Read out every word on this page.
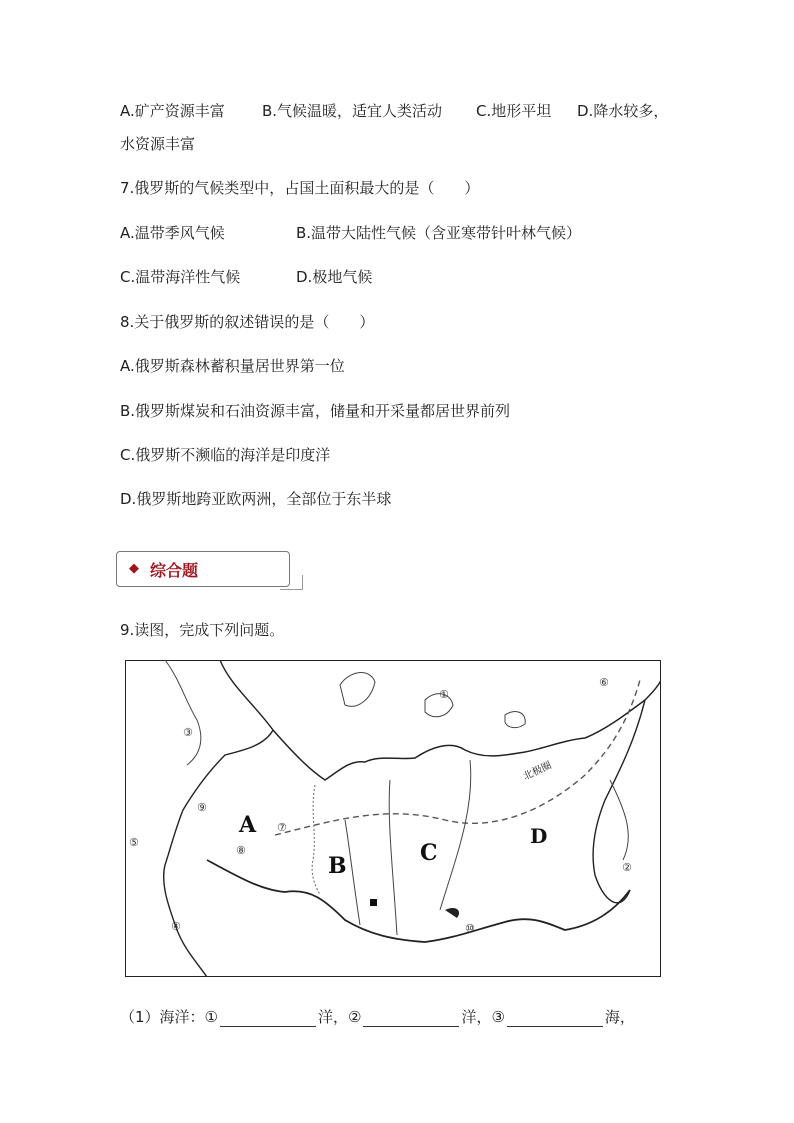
A.矿产资源丰富 B.气候温暖，适宜人类活动 C.地形平坦 D.降水较多，
水资源丰富
7.俄罗斯的气候类型中，占国土面积最大的是（　　）
A.温带季风气候	B.温带大陆性气候（含亚寒带针叶林气候）
C.温带海洋性气候	D.极地气候
8.关于俄罗斯的叙述错误的是（　　）
A.俄罗斯森林蓄积量居世界第一位
B.俄罗斯煤炭和石油资源丰富，储量和开采量都居世界前列
C.俄罗斯不濒临的海洋是印度洋
D.俄罗斯地跨亚欧两洲，全部位于东半球
◆ 综合题
9.读图，完成下列问题。
A
B	C
D
北极圈
①
②
③
⑤
⑥
⑦
⑧
⑨
⑩
④
（1）海洋：①	洋，②	洋，③	海，
